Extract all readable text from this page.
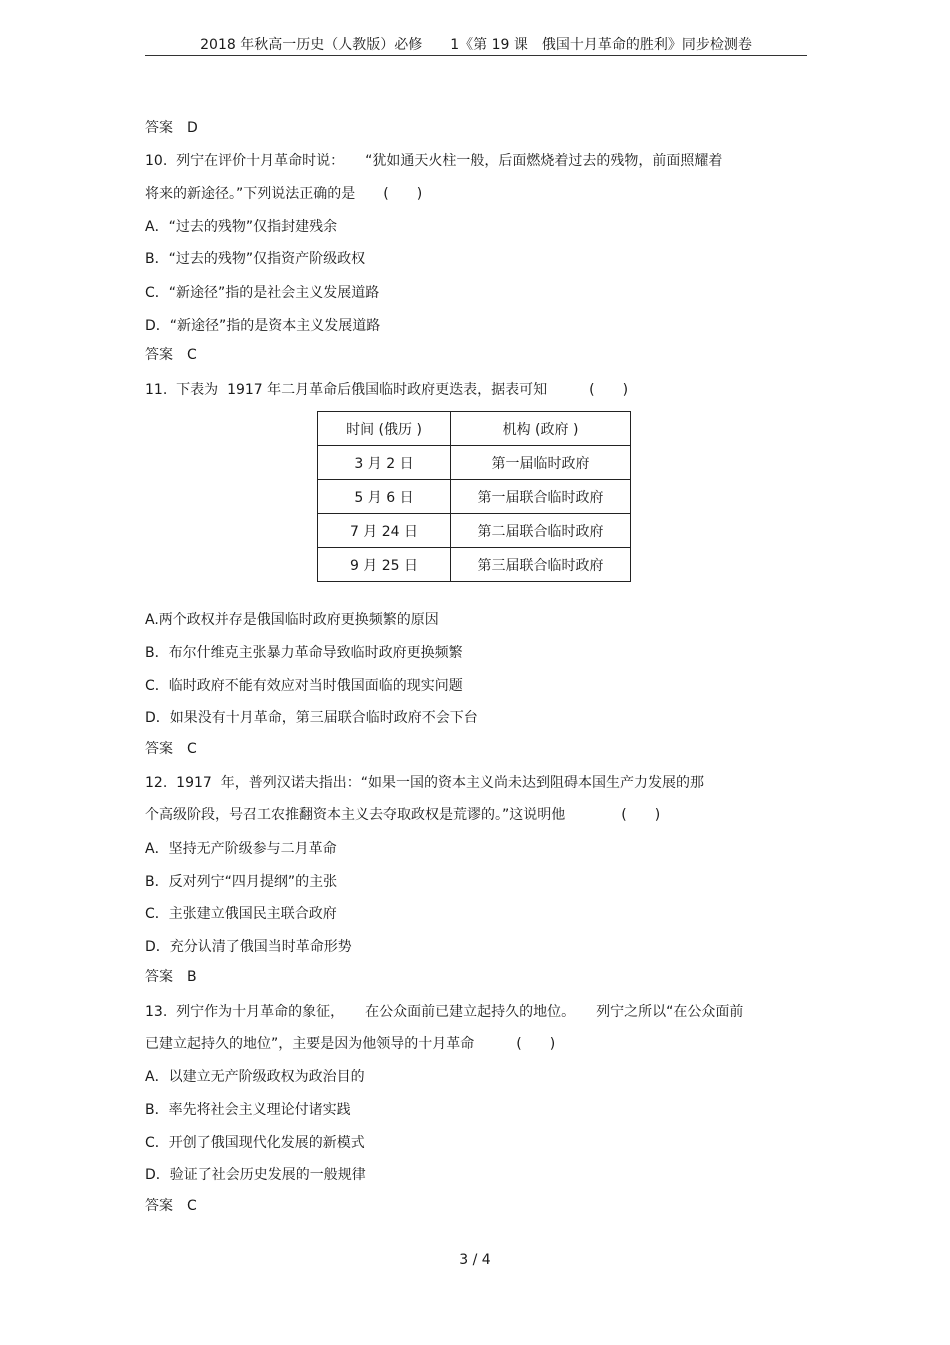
2018 年秋高一历史（人教版）必修　　1《第 19 课　俄国十月革命的胜利》同步检测卷
答案　D
10.  列宁在评价十月革命时说：　　“犹如通天火柱一般，后面燃烧着过去的残物，前面照耀着
将来的新途径。”下列说法正确的是　　(　　)
A．“过去的残物”仅指封建残余
B．“过去的残物”仅指资产阶级政权
C．“新途径”指的是社会主义发展道路
D．“新途径”指的是资本主义发展道路
答案　C
11.  下表为  1917 年二月革命后俄国临时政府更迭表，据表可知　　　(　　)
时间 (俄历 )	机构 (政府 )
3 月 2 日	第一届临时政府
5 月 6 日	第一届联合临时政府
7 月 24 日	第二届联合临时政府
9 月 25 日	第三届联合临时政府
A.两个政权并存是俄国临时政府更换频繁的原因
B．布尔什维克主张暴力革命导致临时政府更换频繁
C．临时政府不能有效应对当时俄国面临的现实问题
D．如果没有十月革命，第三届联合临时政府不会下台
答案　C
12.  1917  年，普列汉诺夫指出：“如果一国的资本主义尚未达到阻碍本国生产力发展的那
个高级阶段，号召工农推翻资本主义去夺取政权是荒谬的。”这说明他　　　　(　　)
A．坚持无产阶级参与二月革命
B．反对列宁“四月提纲”的主张
C．主张建立俄国民主联合政府
D．充分认清了俄国当时革命形势
答案　B
13.  列宁作为十月革命的象征，　　在公众面前已建立起持久的地位。　　列宁之所以“在公众面前
已建立起持久的地位”，主要是因为他领导的十月革命　　　(　　)
A．以建立无产阶级政权为政治目的
B．率先将社会主义理论付诸实践
C．开创了俄国现代化发展的新模式
D．验证了社会历史发展的一般规律
答案　C
3 / 4
